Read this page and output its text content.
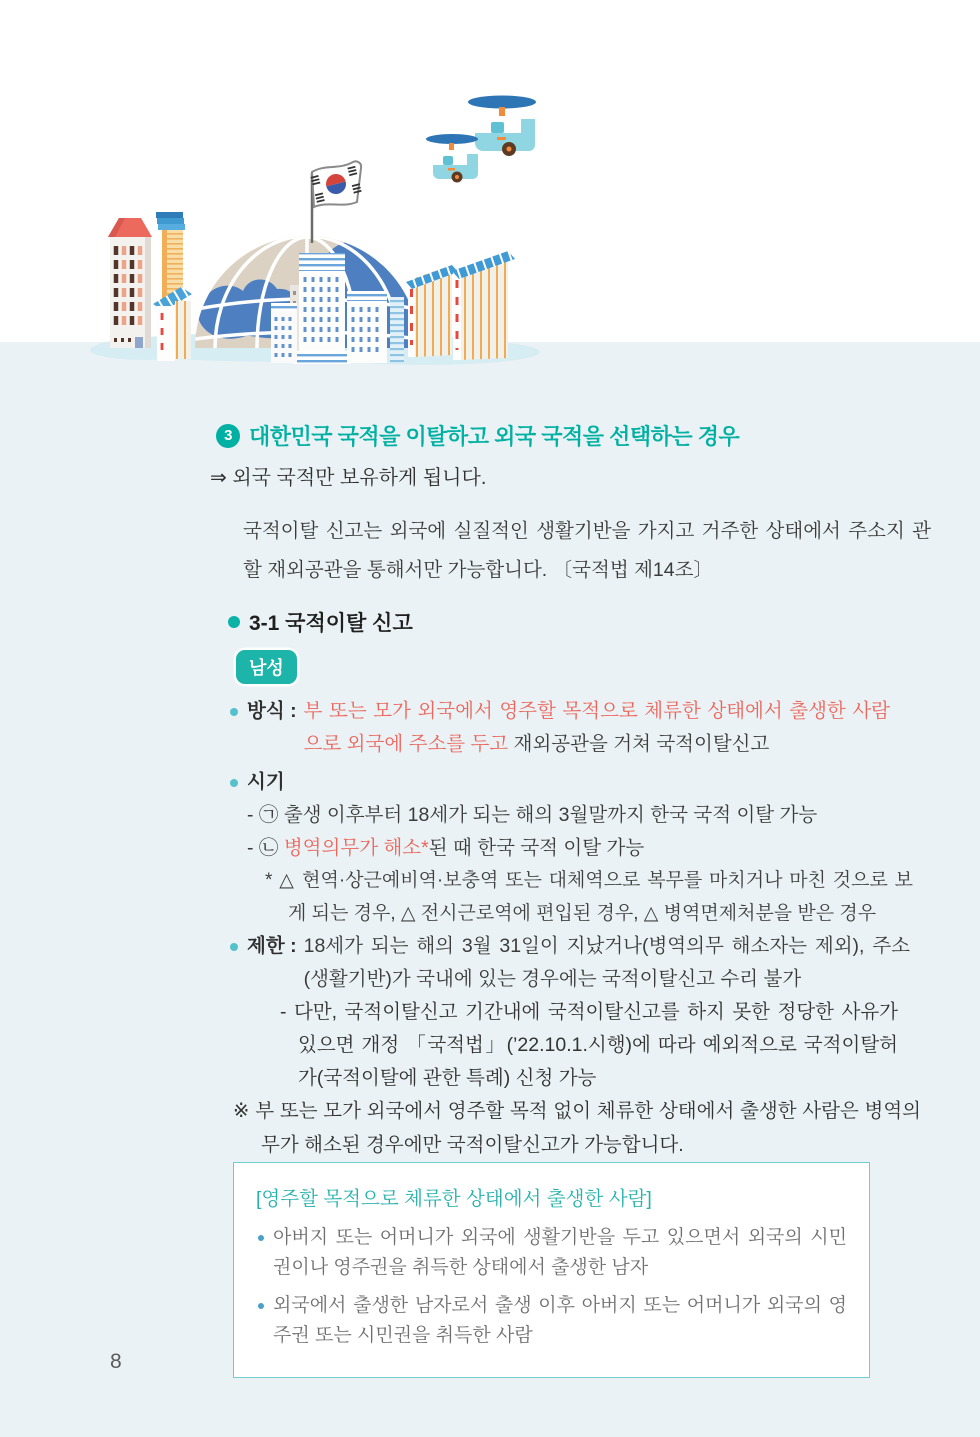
3 대한민국 국적을 이탈하고 외국 국적을 선택하는 경우
⇒ 외국 국적만 보유하게 됩니다.
국적이탈 신고는 외국에 실질적인 생활기반을 가지고 거주한 상태에서 주소지 관할 재외공관을 통해서만 가능합니다. 〔국적법 제14조〕
3-1 국적이탈 신고
남성
방식 : 부 또는 모가 외국에서 영주할 목적으로 체류한 상태에서 출생한 사람으로 외국에 주소를 두고 재외공관을 거쳐 국적이탈신고
시기
- ㉠ 출생 이후부터 18세가 되는 해의 3월말까지 한국 국적 이탈 가능
- ㉡ 병역의무가 해소*된 때 한국 국적 이탈 가능
* △ 현역·상근예비역·보충역 또는 대체역으로 복무를 마치거나 마친 것으로 보게 되는 경우, △ 전시근로역에 편입된 경우, △ 병역면제처분을 받은 경우
제한 : 18세가 되는 해의 3월 31일이 지났거나(병역의무 해소자는 제외), 주소(생활기반)가 국내에 있는 경우에는 국적이탈신고 수리 불가
- 다만, 국적이탈신고 기간내에 국적이탈신고를 하지 못한 정당한 사유가 있으면 개정 「국적법」(’22.10.1.시행)에 따라 예외적으로 국적이탈허가(국적이탈에 관한 특례) 신청 가능
※ 부 또는 모가 외국에서 영주할 목적 없이 체류한 상태에서 출생한 사람은 병역의무가 해소된 경우에만 국적이탈신고가 가능합니다.
[영주할 목적으로 체류한 상태에서 출생한 사람]
아버지 또는 어머니가 외국에 생활기반을 두고 있으면서 외국의 시민권이나 영주권을 취득한 상태에서 출생한 남자
외국에서 출생한 남자로서 출생 이후 아버지 또는 어머니가 외국의 영주권 또는 시민권을 취득한 사람
8
